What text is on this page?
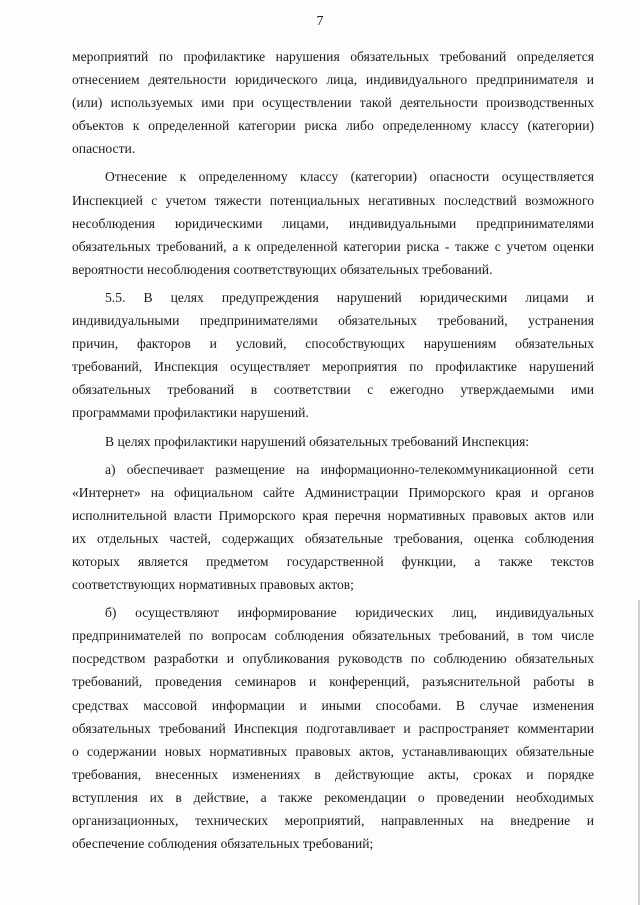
7
мероприятий по профилактике нарушения обязательных требований определяется
отнесением деятельности юридического лица, индивидуального предпринимателя и
(или) используемых ими при осуществлении такой деятельности производственных
объектов к определенной категории риска либо определенному классу (категории)
опасности.
Отнесение к определенному классу (категории) опасности осуществляется
Инспекцией с учетом тяжести потенциальных негативных последствий возможного
несоблюдения юридическими лицами, индивидуальными предпринимателями
обязательных требований, а к определенной категории риска - также с учетом оценки
вероятности несоблюдения соответствующих обязательных требований.
5.5. В целях предупреждения нарушений юридическими лицами и
индивидуальными предпринимателями обязательных требований, устранения
причин, факторов и условий, способствующих нарушениям обязательных
требований, Инспекция осуществляет мероприятия по профилактике нарушений
обязательных требований в соответствии с ежегодно утверждаемыми ими
программами профилактики нарушений.
В целях профилактики нарушений обязательных требований Инспекция:
а) обеспечивает размещение на информационно-телекоммуникационной сети
«Интернет» на официальном сайте Администрации Приморского края и органов
исполнительной власти Приморского края перечня нормативных правовых актов или
их отдельных частей, содержащих обязательные требования, оценка соблюдения
которых является предметом государственной функции, а также текстов
соответствующих нормативных правовых актов;
б) осуществляют информирование юридических лиц, индивидуальных
предпринимателей по вопросам соблюдения обязательных требований, в том числе
посредством разработки и опубликования руководств по соблюдению обязательных
требований, проведения семинаров и конференций, разъяснительной работы в
средствах массовой информации и иными способами. В случае изменения
обязательных требований Инспекция подготавливает и распространяет комментарии
о содержании новых нормативных правовых актов, устанавливающих обязательные
требования, внесенных изменениях в действующие акты, сроках и порядке
вступления их в действие, а также рекомендации о проведении необходимых
организационных, технических мероприятий, направленных на внедрение и
обеспечение соблюдения обязательных требований;
